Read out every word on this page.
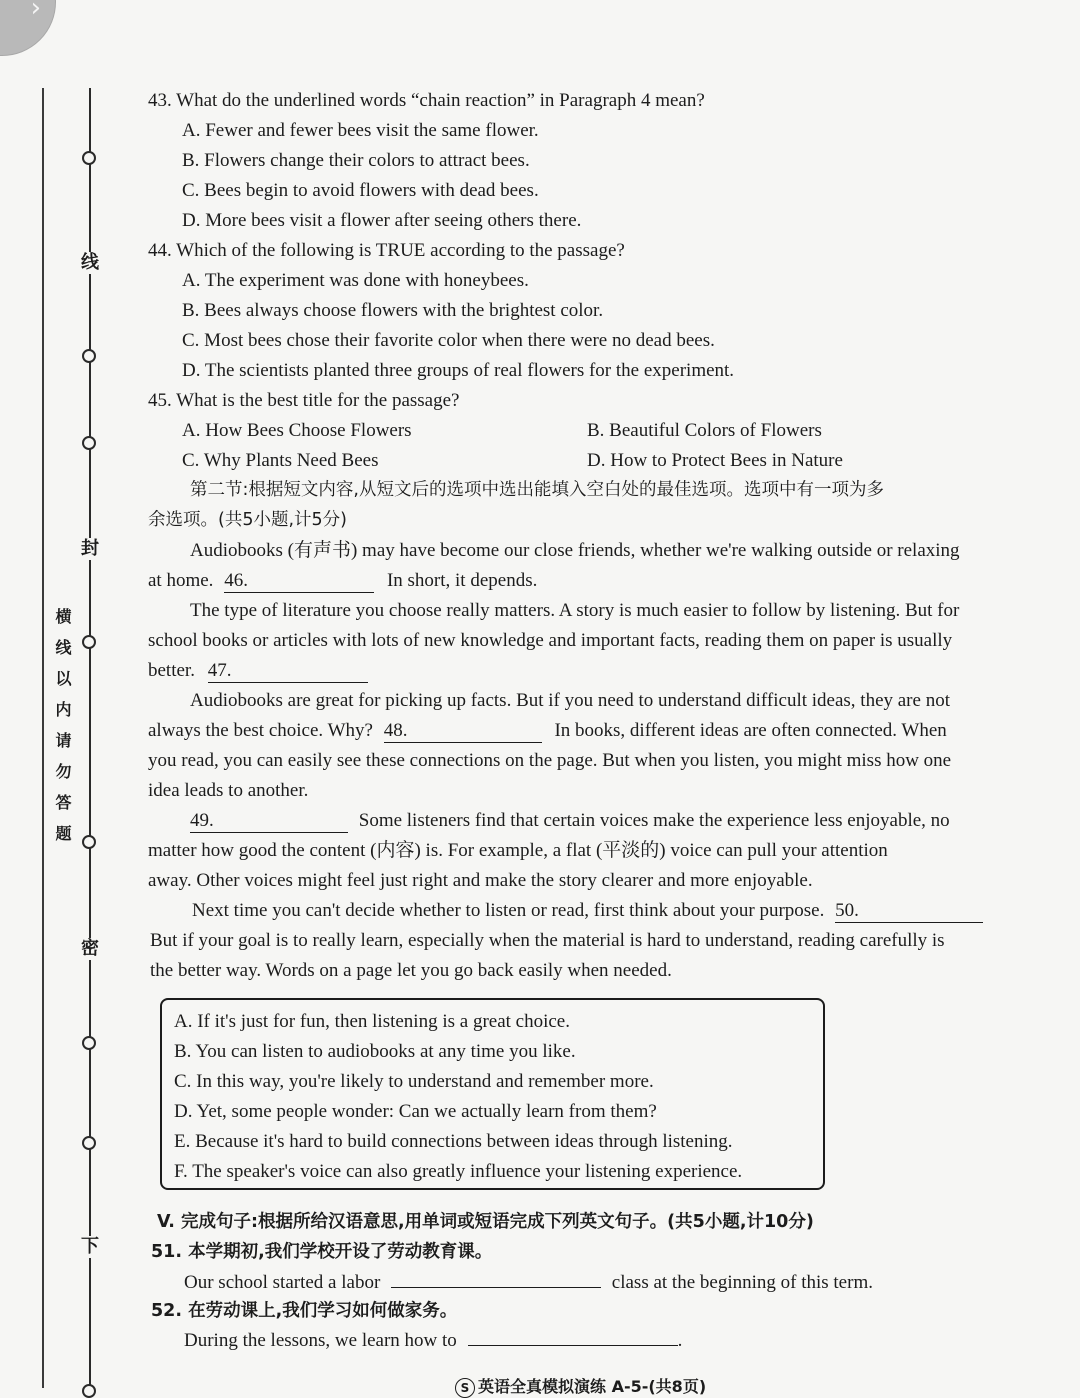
›
线
封
密
下
横线以内请勿答题
43. What do the underlined words “chain reaction” in Paragraph 4 mean?
A. Fewer and fewer bees visit the same flower.
B. Flowers change their colors to attract bees.
C. Bees begin to avoid flowers with dead bees.
D. More bees visit a flower after seeing others there.
44. Which of the following is TRUE according to the passage?
A. The experiment was done with honeybees.
B. Bees always choose flowers with the brightest color.
C. Most bees chose their favorite color when there were no dead bees.
D. The scientists planted three groups of real flowers for the experiment.
45. What is the best title for the passage?
A. How Bees Choose Flowers	B. Beautiful Colors of Flowers
C. Why Plants Need Bees	D. How to Protect Bees in Nature
第二节:根据短文内容,从短文后的选项中选出能填入空白处的最佳选项。选项中有一项为多
余选项。(共5小题,计5分)
Audiobooks (有声书) may have become our close friends, whether we're walking outside or relaxing
at home. 46.	In short, it depends.
The type of literature you choose really matters. A story is much easier to follow by listening. But for
school books or articles with lots of new knowledge and important facts, reading them on paper is usually
better. 47.
Audiobooks are great for picking up facts. But if you need to understand difficult ideas, they are not
always the best choice. Why? 48.	In books, different ideas are often connected. When
you read, you can easily see these connections on the page. But when you listen, you might miss how one
idea leads to another.
49.	Some listeners find that certain voices make the experience less enjoyable, no
matter how good the content (内容) is. For example, a flat (平淡的) voice can pull your attention
away. Other voices might feel just right and make the story clearer and more enjoyable.
Next time you can't decide whether to listen or read, first think about your purpose. 50.
But if your goal is to really learn, especially when the material is hard to understand, reading carefully is
the better way. Words on a page let you go back easily when needed.
A. If it's just for fun, then listening is a great choice.
B. You can listen to audiobooks at any time you like.
C. In this way, you're likely to understand and remember more.
D. Yet, some people wonder: Can we actually learn from them?
E. Because it's hard to build connections between ideas through listening.
F. The speaker's voice can also greatly influence your listening experience.
V. 完成句子:根据所给汉语意思,用单词或短语完成下列英文句子。(共5小题,计10分)
51. 本学期初,我们学校开设了劳动教育课。
Our school started a labor	class at the beginning of this term.
52. 在劳动课上,我们学习如何做家务。
During the lessons, we learn how to	.
S 英语全真模拟演练 A-5-(共8页)
